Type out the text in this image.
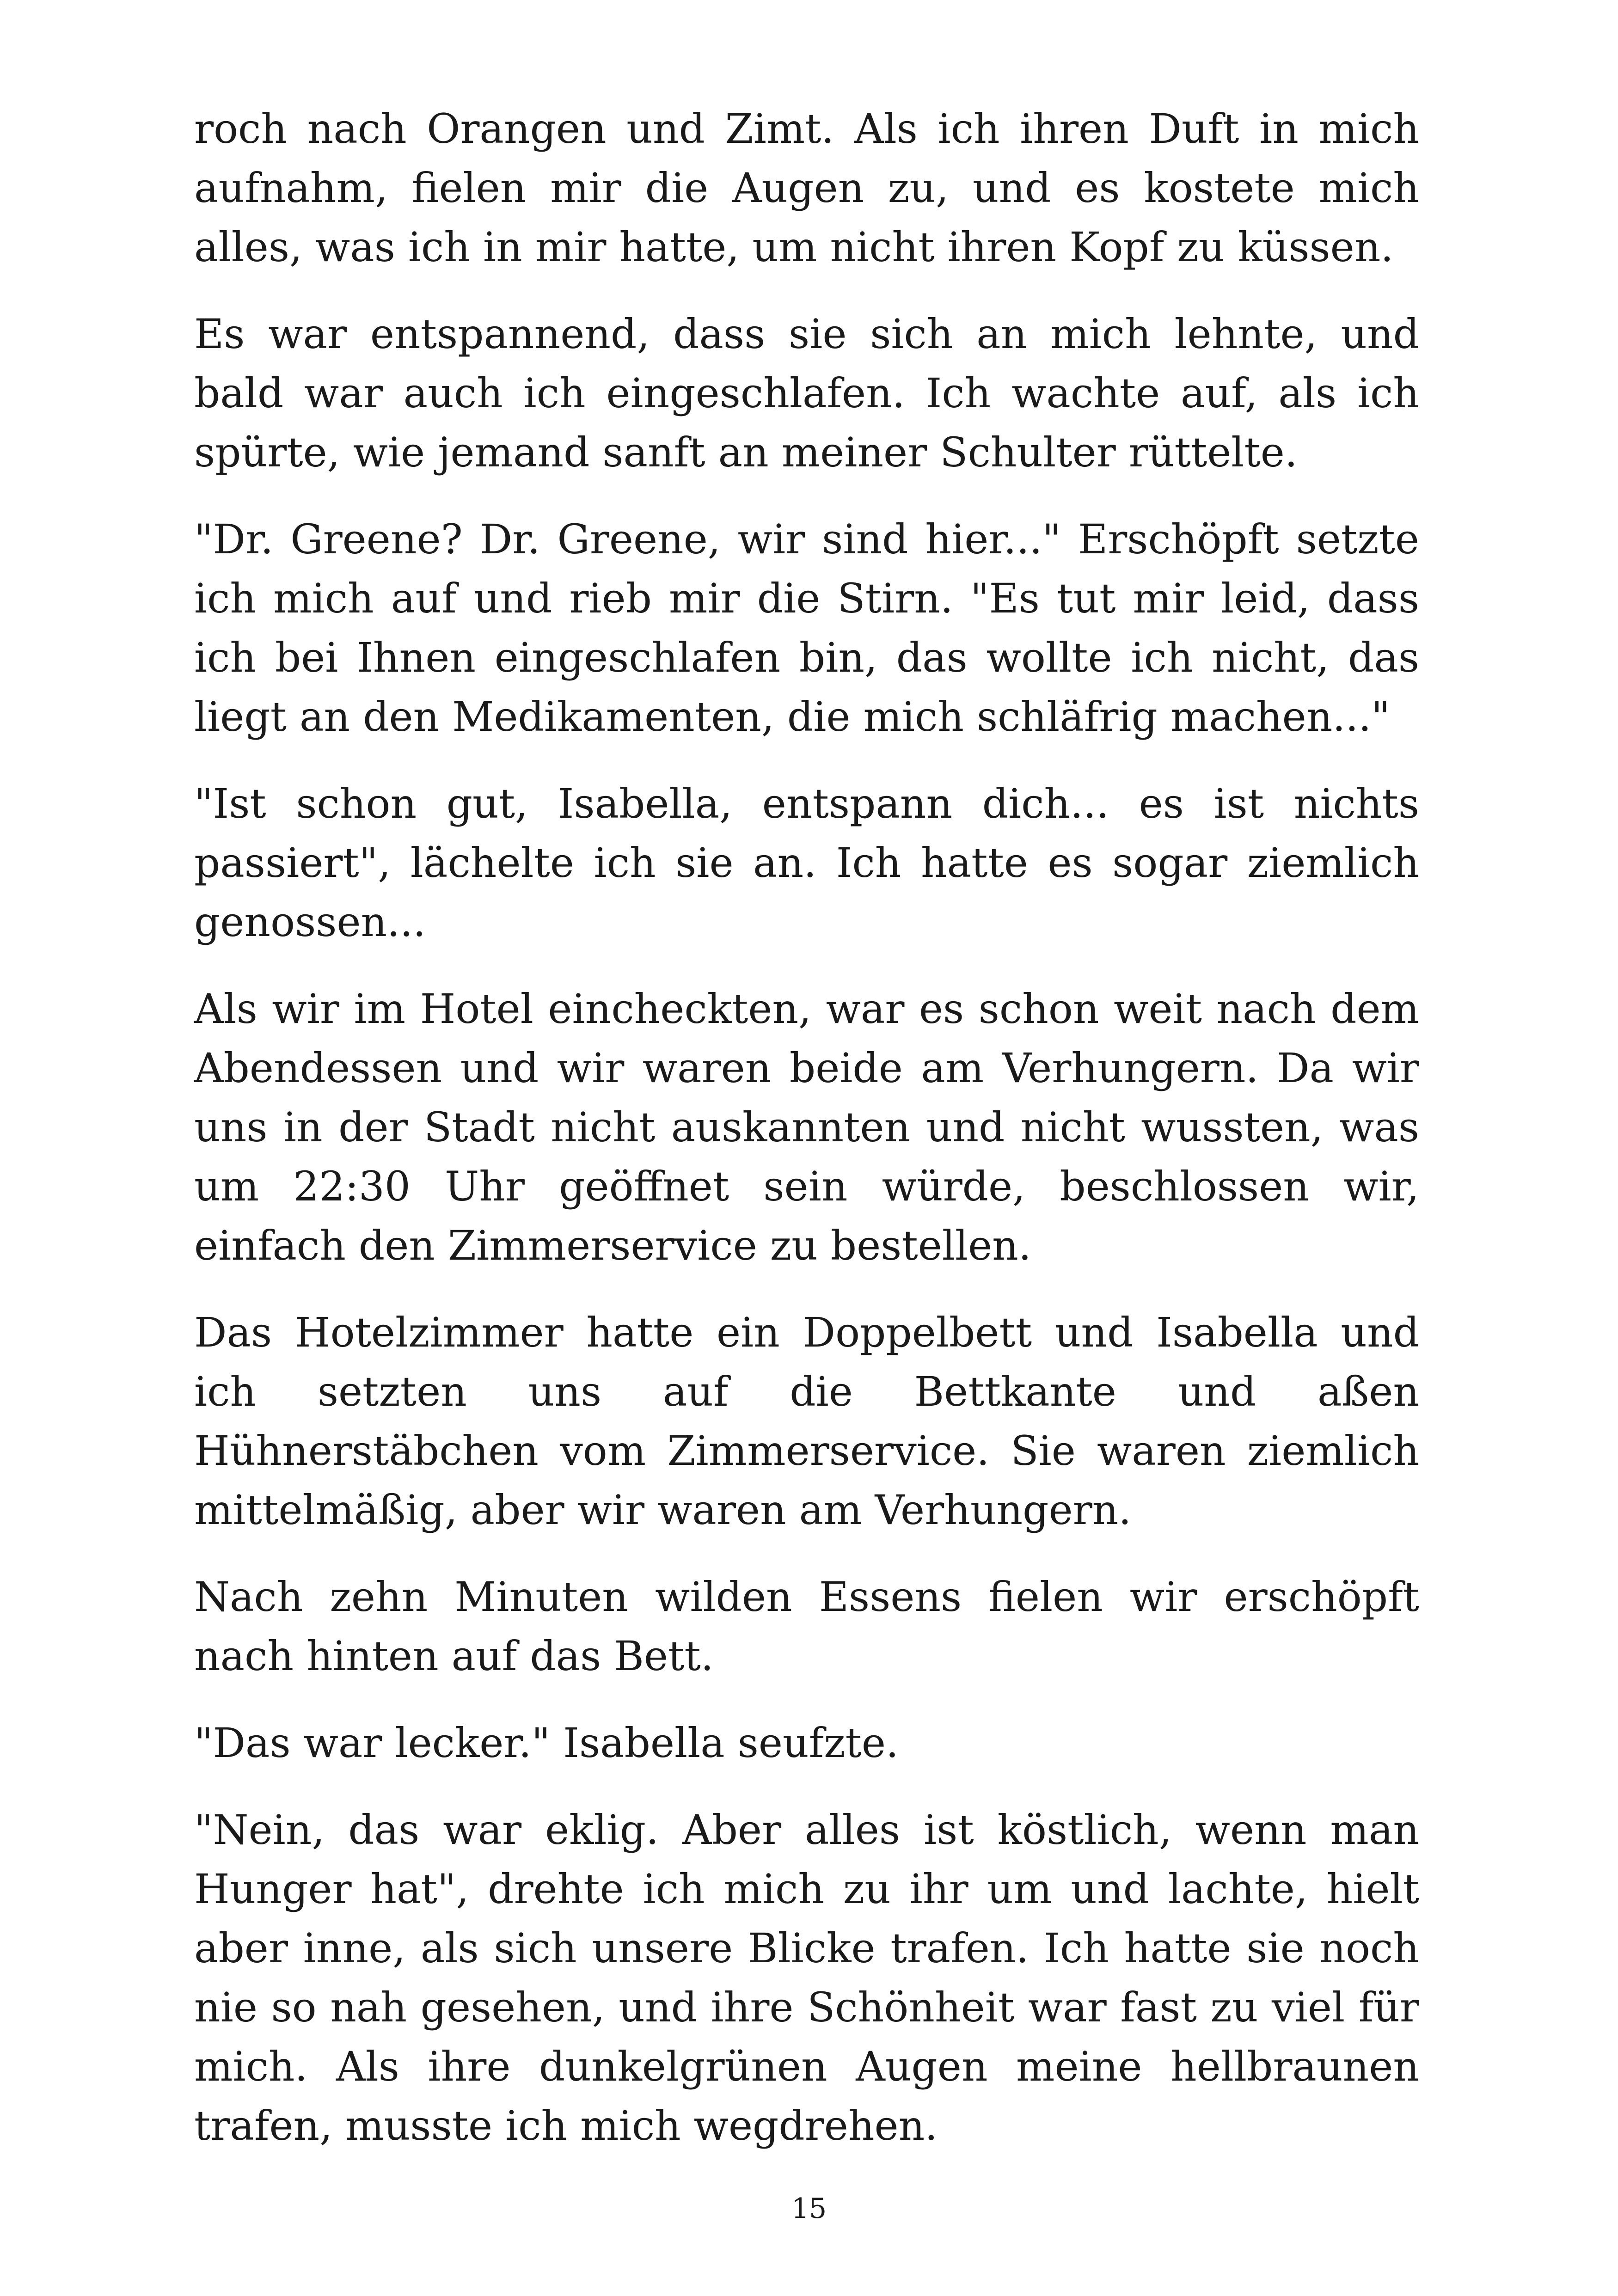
roch nach Orangen und Zimt. Als ich ihren Duft in mich aufnahm, fielen mir die Augen zu, und es kostete mich alles, was ich in mir hatte, um nicht ihren Kopf zu küssen.

Es war entspannend, dass sie sich an mich lehnte, und bald war auch ich eingeschlafen. Ich wachte auf, als ich spürte, wie jemand sanft an meiner Schulter rüttelte.

"Dr. Greene? Dr. Greene, wir sind hier..." Erschöpft setzte ich mich auf und rieb mir die Stirn. "Es tut mir leid, dass ich bei Ihnen eingeschlafen bin, das wollte ich nicht, das liegt an den Medikamenten, die mich schläfrig machen..."

"Ist schon gut, Isabella, entspann dich... es ist nichts passiert", lächelte ich sie an. Ich hatte es sogar ziemlich genossen...

Als wir im Hotel eincheckten, war es schon weit nach dem Abendessen und wir waren beide am Verhungern. Da wir uns in der Stadt nicht auskannten und nicht wussten, was um 22:30 Uhr geöffnet sein würde, beschlossen wir, einfach den Zimmerservice zu bestellen.

Das Hotelzimmer hatte ein Doppelbett und Isabella und ich setzten uns auf die Bettkante und aßen Hühnerstäbchen vom Zimmerservice. Sie waren ziemlich mittelmäßig, aber wir waren am Verhungern.

Nach zehn Minuten wilden Essens fielen wir erschöpft nach hinten auf das Bett.

"Das war lecker." Isabella seufzte.

"Nein, das war eklig. Aber alles ist köstlich, wenn man Hunger hat", drehte ich mich zu ihr um und lachte, hielt aber inne, als sich unsere Blicke trafen. Ich hatte sie noch nie so nah gesehen, und ihre Schönheit war fast zu viel für mich. Als ihre dunkelgrünen Augen meine hellbraunen trafen, musste ich mich wegdrehen.

15
